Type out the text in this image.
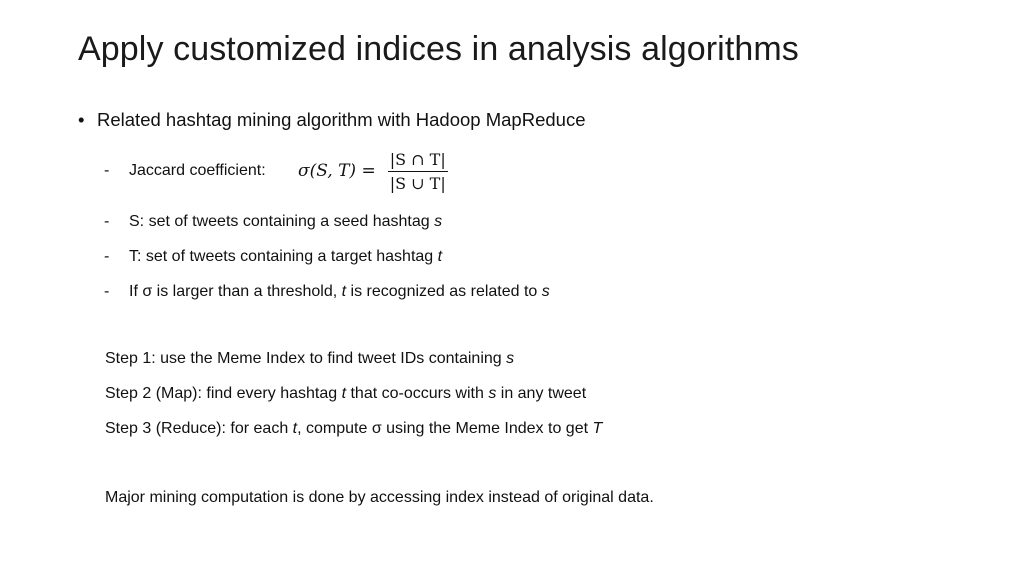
Apply customized indices in analysis algorithms
• Related hashtag mining algorithm with Hadoop MapReduce
- Jaccard coefficient: σ(S, $T) = \frac{|S \cap T|}{|S \cup T|}$
- S: set of tweets containing a seed hashtag s
- T: set of tweets containing a target hashtag t
- If σ is larger than a threshold, t is recognized as related to s
Step 1: use the Meme Index to find tweet IDs containing s
Step 2 (Map): find every hashtag t that co-occurs with s in any tweet
Step 3 (Reduce): for each t, compute σ using the Meme Index to get T
Major mining computation is done by accessing index instead of original data.
